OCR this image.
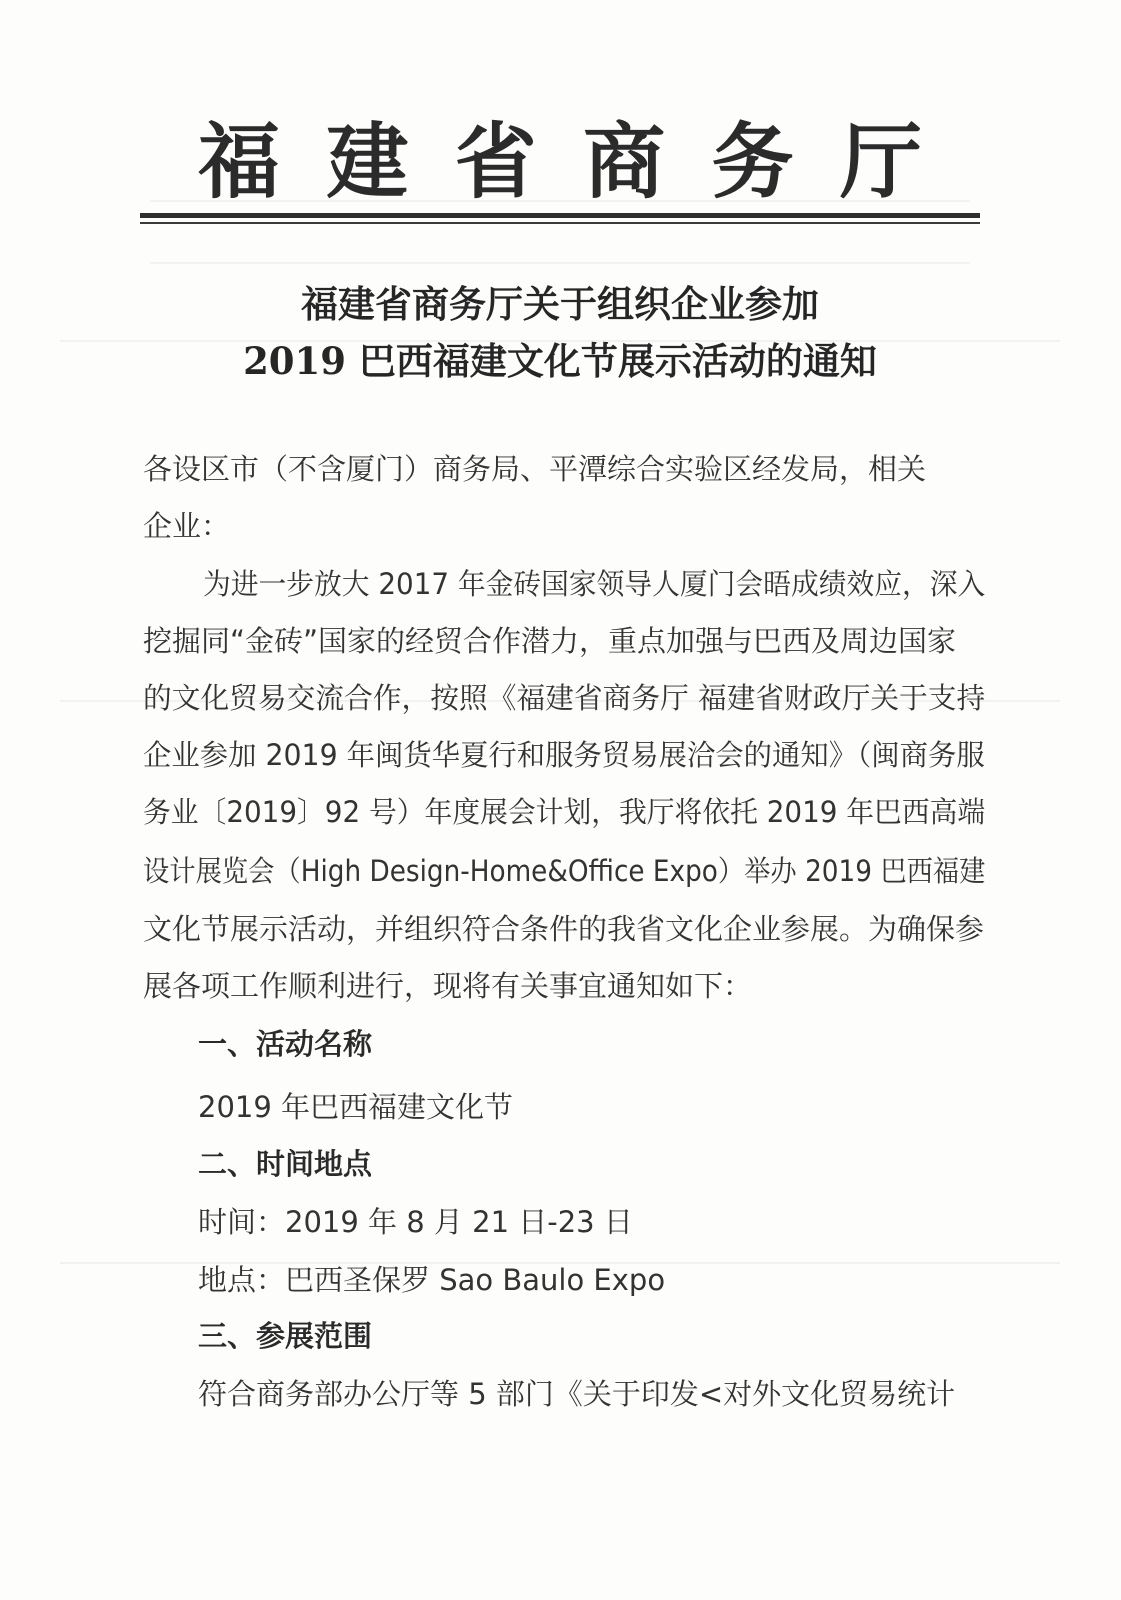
福 建 省 商 务 厅
福建省商务厅关于组织企业参加
2019 巴西福建文化节展示活动的通知
各设区市（不含厦门）商务局、平潭综合实验区经发局，相关
企业：
为进一步放大 2017 年金砖国家领导人厦门会晤成绩效应，深入
挖掘同“金砖”国家的经贸合作潜力，重点加强与巴西及周边国家
的文化贸易交流合作，按照《福建省商务厅 福建省财政厅关于支持
企业参加 2019 年闽货华夏行和服务贸易展洽会的通知》（闽商务服
务业〔2019〕92 号）年度展会计划，我厅将依托 2019 年巴西高端
设计展览会（High Design-Home&Office Expo）举办 2019 巴西福建
文化节展示活动，并组织符合条件的我省文化企业参展。为确保参
展各项工作顺利进行，现将有关事宜通知如下：
一、活动名称
2019 年巴西福建文化节
二、时间地点
时间：2019 年 8 月 21 日-23 日
地点：巴西圣保罗 Sao Baulo Expo
三、参展范围
符合商务部办公厅等 5 部门《关于印发<对外文化贸易统计
